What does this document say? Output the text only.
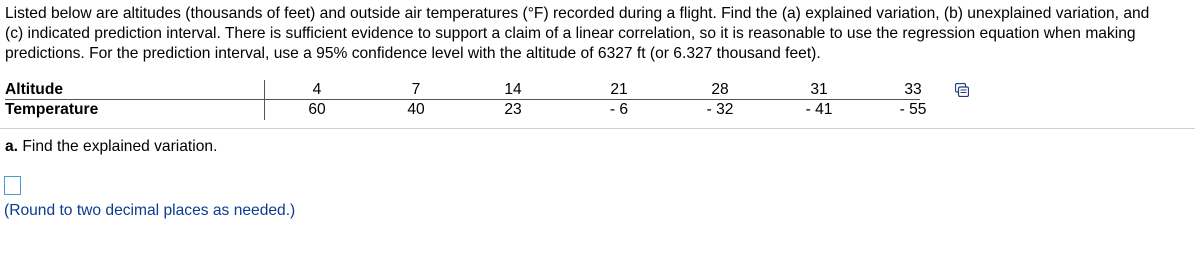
Listed below are altitudes (thousands of feet) and outside air temperatures (°F) recorded during a flight. Find the (a) explained variation, (b) unexplained variation, and
(c) indicated prediction interval. There is sufficient evidence to support a claim of a linear correlation, so it is reasonable to use the regression equation when making
predictions. For the prediction interval, use a 95% confidence level with the altitude of 6327 ft (or 6.327 thousand feet).
Altitude	4	7	14	21	28	31	33
Temperature	60	40	23	- 6	- 32	- 41	- 55
a. Find the explained variation.
(Round to two decimal places as needed.)
